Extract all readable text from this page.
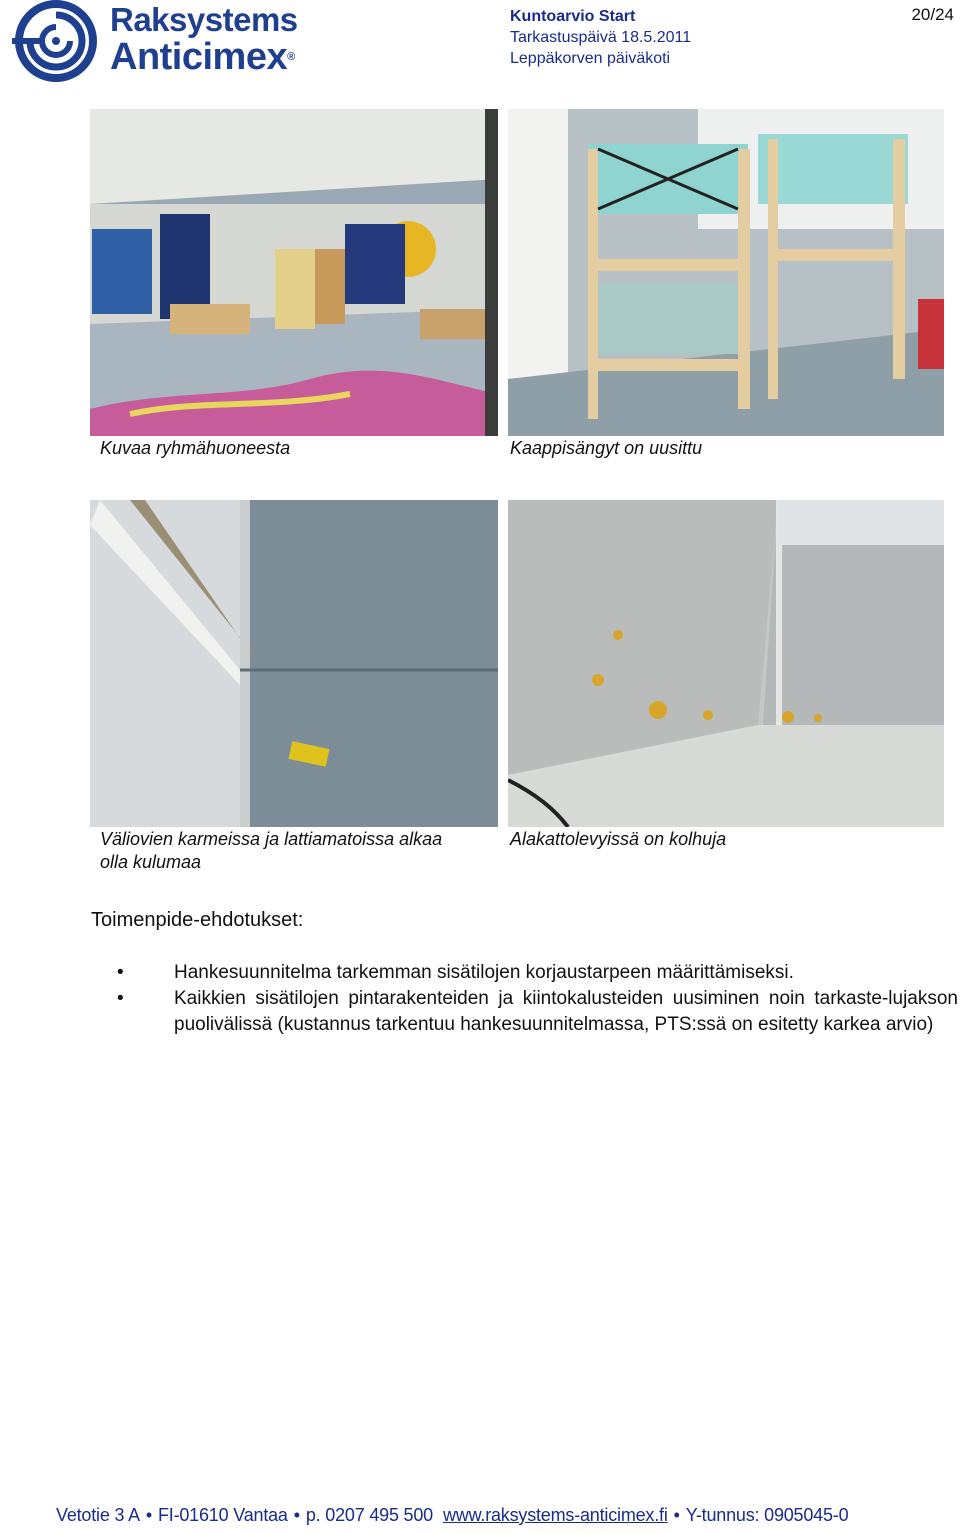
Raksystems
Anticimex®
Kuntoarvio Start
Tarkastuspäivä 18.5.2011
Leppäkorven päiväkoti
20/24
Kuvaa ryhmähuoneesta	Kaappisängyt on uusittu
Väliovien karmeissa ja lattiamatoissa alkaa
olla kulumaa
Alakattolevyissä on kolhuja
Toimenpide-ehdotukset:
•	Hankesuunnitelma tarkemman sisätilojen korjaustarpeen määrittämiseksi.
•	Kaikkien sisätilojen pintarakenteiden ja kiintokalusteiden uusiminen noin tarkaste-lujakson puolivälissä (kustannus tarkentuu hankesuunnitelmassa, PTS:ssä on esitetty karkea arvio)
Vetotie 3 A • FI-01610 Vantaa • p. 0207 495 500 www.raksystems-anticimex.fi • Y-tunnus: 0905045-0
